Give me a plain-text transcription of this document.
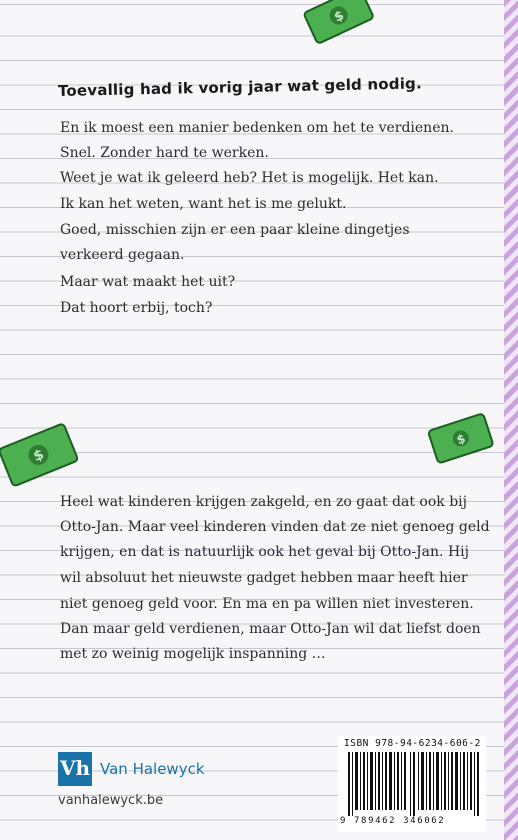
$
Toevallig had ik vorig jaar wat geld nodig.
En ik moest een manier bedenken om het te verdienen.
Snel. Zonder hard te werken.
Weet je wat ik geleerd heb? Het is mogelijk. Het kan.
Ik kan het weten, want het is me gelukt.
Goed, misschien zijn er een paar kleine dingetjes
verkeerd gegaan.
Maar wat maakt het uit?
Dat hoort erbij, toch?
$
$
Heel wat kinderen krijgen zakgeld, en zo gaat dat ook bij
Otto-Jan. Maar veel kinderen vinden dat ze niet genoeg geld
krijgen, en dat is natuurlijk ook het geval bij Otto-Jan. Hij
wil absoluut het nieuwste gadget hebben maar heeft hier
niet genoeg geld voor. En ma en pa willen niet investeren.
Dan maar geld verdienen, maar Otto-Jan wil dat liefst doen
met zo weinig mogelijk inspanning …
Vh Van Halewyck
vanhalewyck.be
ISBN 978-94-6234-606-2
9 789462 346062
